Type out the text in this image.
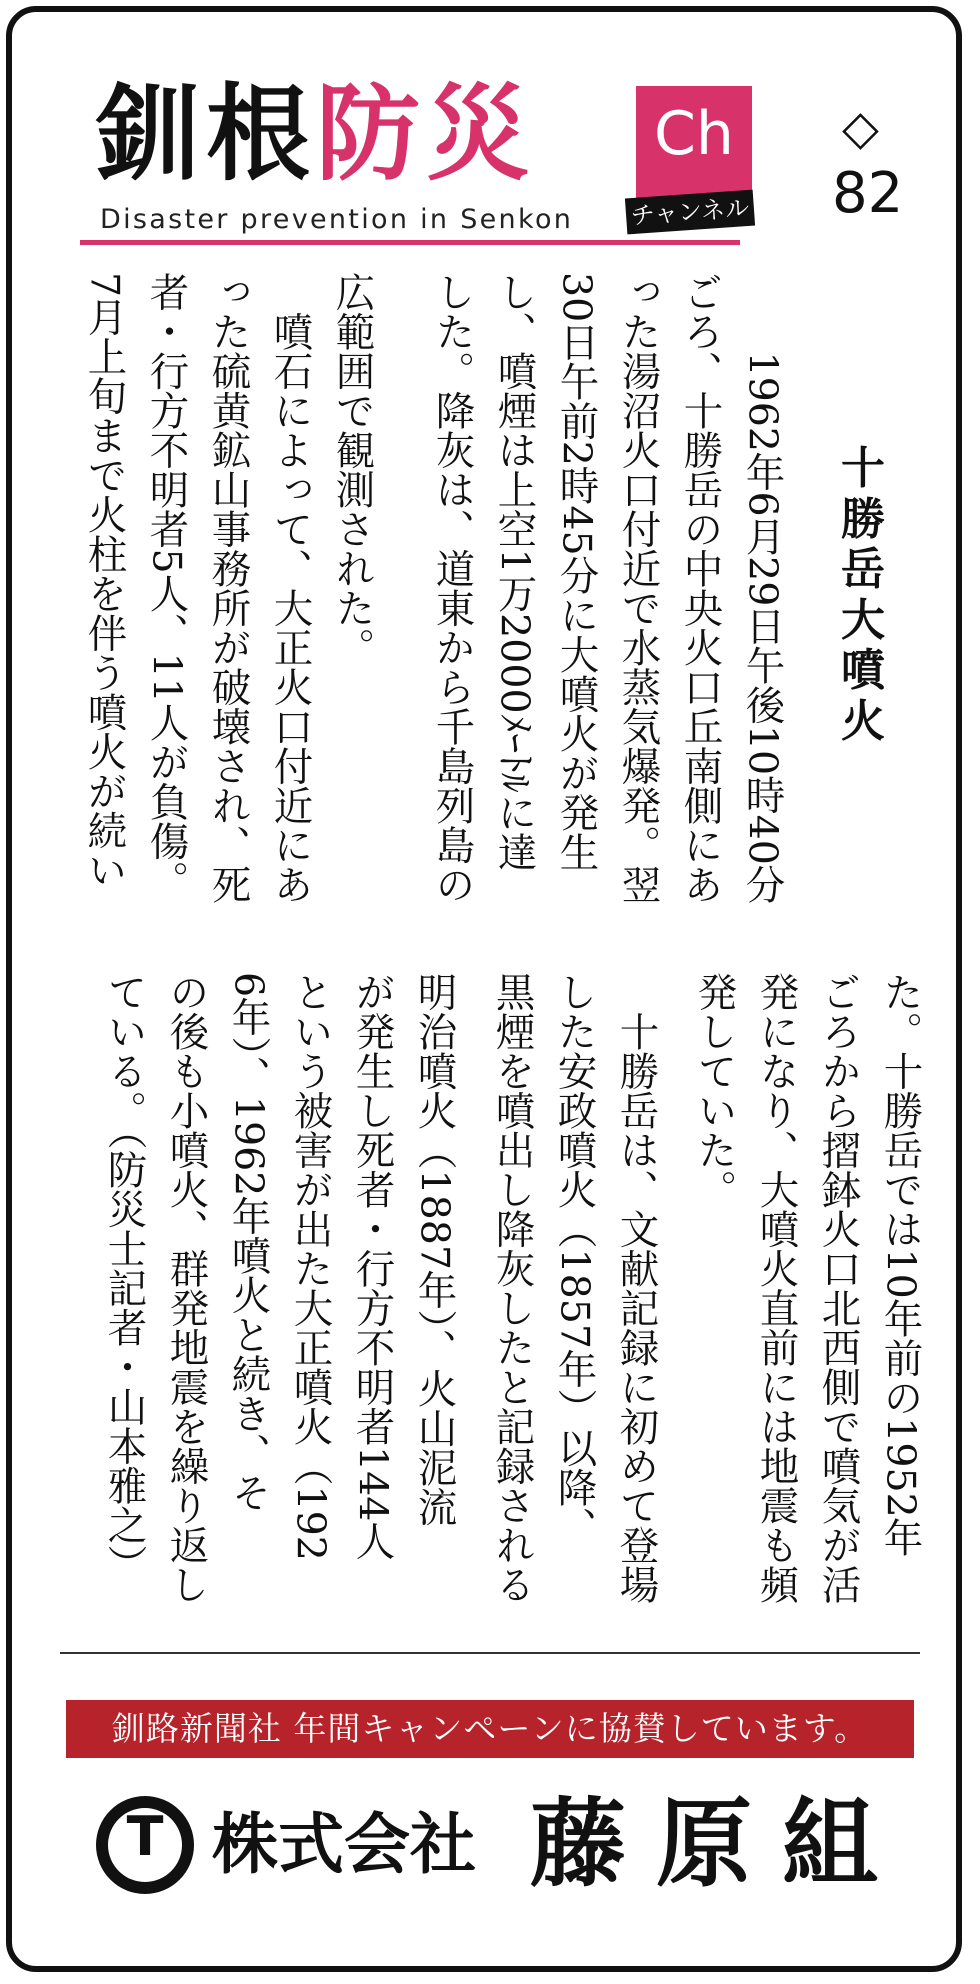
釧根防災	Ch
チャンネル
Disaster prevention in Senkon
◇
82
十
勝
岳
大
噴
火
　1962年6月29日午後10時40分
ごろ、十勝岳の中央火口丘南側にあ
った湯沼火口付近で水蒸気爆発。翌
30日午前2時45分に大噴火が発生
し、噴煙は上空1万2000ﾒｰﾄﾙに達
した。降灰は、道東から千島列島の
広範囲で観測された。
　噴石によって、大正火口付近にあ
った硫黄鉱山事務所が破壊され、死
者・行方不明者5人、11人が負傷。
7月上旬まで火柱を伴う噴火が続い
た。十勝岳では10年前の1952年
ごろから摺鉢火口北西側で噴気が活
発になり、大噴火直前には地震も頻
発していた。
　十勝岳は、文献記録に初めて登場
した安政噴火（1857年）以降、
黒煙を噴出し降灰したと記録される
明治噴火（1887年）、火山泥流
が発生し死者・行方不明者144人
という被害が出た大正噴火（192
6年）、1962年噴火と続き、そ
の後も小噴火、群発地震を繰り返し
ている。（防災士記者・山本雅之）
釧路新聞社 年間キャンペーンに協賛しています。
T 株式会社 藤原組
